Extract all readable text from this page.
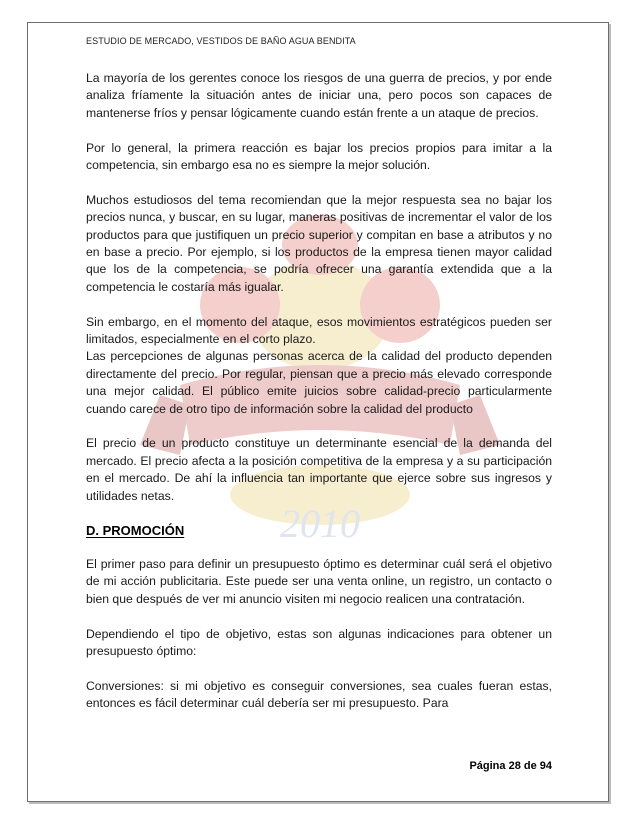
2010
ESTUDIO DE MERCADO, VESTIDOS DE BAÑO AGUA BENDITA

La mayoría de los gerentes conoce los riesgos de una guerra de precios, y por ende analiza fríamente la situación antes de iniciar una, pero pocos son capaces de mantenerse fríos y pensar lógicamente cuando están frente a un ataque de precios.

Por lo general, la primera reacción es bajar los precios propios para imitar a la competencia, sin embargo esa no es siempre la mejor solución.

Muchos estudiosos del tema recomiendan que la mejor respuesta sea no bajar los precios nunca, y buscar, en su lugar, maneras positivas de incrementar el valor de los productos para que justifiquen un precio superior y compitan en base a atributos y no en base a precio. Por ejemplo, si los productos de la empresa tienen mayor calidad que los de la competencia, se podría ofrecer una garantía extendida que a la competencia le costaría más igualar.

Sin embargo, en el momento del ataque, esos movimientos estratégicos pueden ser limitados, especialmente en el corto plazo.

Las percepciones de algunas personas acerca de la calidad del producto dependen directamente del precio. Por regular, piensan que a precio más elevado corresponde una mejor calidad. El público emite juicios sobre calidad-precio particularmente cuando carece de otro tipo de información sobre la calidad del producto

El precio de un producto constituye un determinante esencial de la demanda del mercado. El precio afecta a la posición competitiva de la empresa y a su participación en el mercado. De ahí la influencia tan importante que ejerce sobre sus ingresos y utilidades netas.

D. PROMOCIÓN

El primer paso para definir un presupuesto óptimo es determinar cuál será el objetivo de mi acción publicitaria. Este puede ser una venta online, un registro, un contacto o bien que después de ver mi anuncio visiten mi negocio realicen una contratación.

Dependiendo el tipo de objetivo, estas son algunas indicaciones para obtener un presupuesto óptimo:

Conversiones: si mi objetivo es conseguir conversiones, sea cuales fueran estas, entonces es fácil determinar cuál debería ser mi presupuesto. Para

Página 28 de 94
